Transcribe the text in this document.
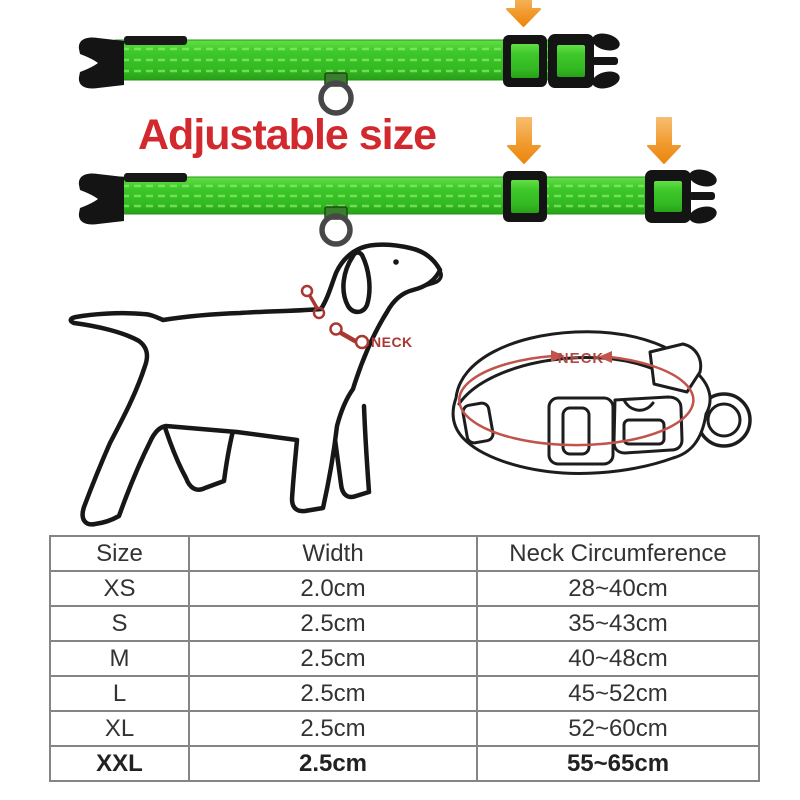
NECK
NECK
Adjustable size
Size	Width	Neck Circumference
XS	2.0cm	28~40cm
S	2.5cm	35~43cm
M	2.5cm	40~48cm
L	2.5cm	45~52cm
XL	2.5cm	52~60cm
XXL	2.5cm	55~65cm
